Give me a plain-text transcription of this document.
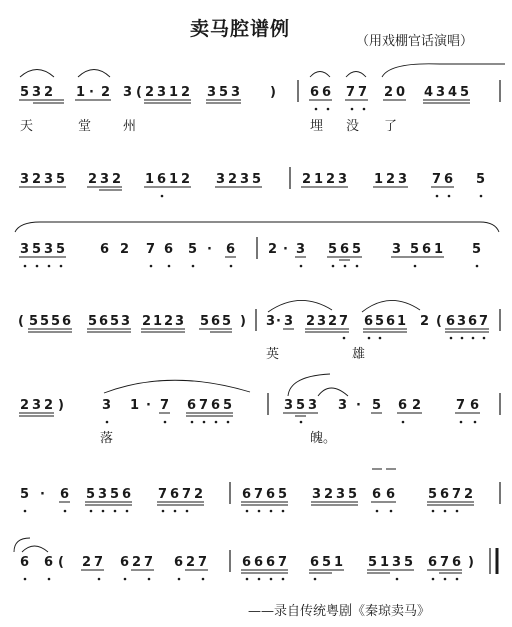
卖马腔谱例
（用戏棚官话演唱）
5 3 2 1 · 2 3 ( 2 3 1 2 3 5 3 )	6 6 7 7 2 0 4 3 4 5
天	堂 州	埋 没 了
3 2 3 5 2 3 2 1 6 1 2 3 2 3 5	2 1 2 3 1 2 3 7 6 5
3 5 3 5	6 2 7 6 5 · 6	2 · 3 5 6 5 3 5 6 1 5
( 5 5 5 6 5 6 5 3 2 1 2 3 5 6 5 ) 3 · 3 2 3 2 7 6 5 6 1 2 ( 6 3 6 7
英	雄
2 3 2 )	3 1 · 7 6 7 6 5	3 5 3 3 · 5 6 2	7 6
落	魄。
5 · 6 5 3 5 6 7 6 7 2	6 7 6 5 3 2 3 5 6 6	5 6 7 2
6 6 ( 2 7 6 2 7 6 2 7	6 6 6 7 6 5 1 5 1 3 5 6 7 6 )
——录自传统粤剧《秦琼卖马》
